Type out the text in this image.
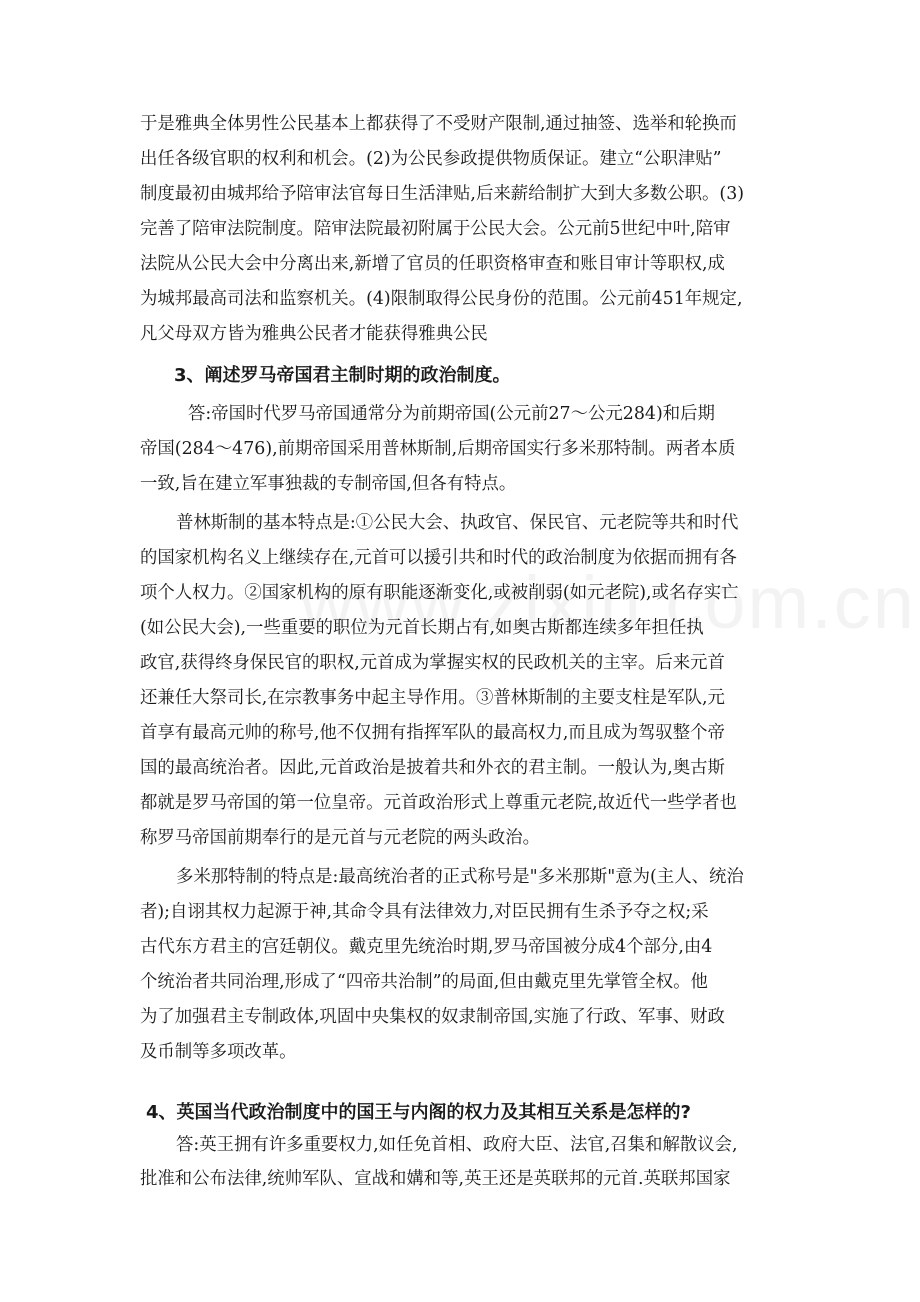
于是雅典全体男性公民基本上都获得了不受财产限制,通过抽签、选举和轮换而
出任各级官职的权利和机会。(2)为公民参政提供物质保证。建立“公职津贴”
制度最初由城邦给予陪审法官每日生活津贴,后来薪给制扩大到大多数公职。(3)
完善了陪审法院制度。陪审法院最初附属于公民大会。公元前5世纪中叶,陪审
法院从公民大会中分离出来,新增了官员的任职资格审查和账目审计等职权,成
为城邦最高司法和监察机关。(4)限制取得公民身份的范围。公元前451年规定,
凡父母双方皆为雅典公民者才能获得雅典公民
3、阐述罗马帝国君主制时期的政治制度。
答:帝国时代罗马帝国通常分为前期帝国(公元前27～公元284)和后期
帝国(284～476),前期帝国采用普林斯制,后期帝国实行多米那特制。两者本质
一致,旨在建立军事独裁的专制帝国,但各有特点。
普林斯制的基本特点是:①公民大会、执政官、保民官、元老院等共和时代
的国家机构名义上继续存在,元首可以援引共和时代的政治制度为依据而拥有各
项个人权力。②国家机构的原有职能逐渐变化,或被削弱(如元老院),或名存实亡
(如公民大会),一些重要的职位为元首长期占有,如奥古斯都连续多年担任执
政官,获得终身保民官的职权,元首成为掌握实权的民政机关的主宰。后来元首
还兼任大祭司长,在宗教事务中起主导作用。③普林斯制的主要支柱是军队,元
首享有最高元帅的称号,他不仅拥有指挥军队的最高权力,而且成为驾驭整个帝
国的最高统治者。因此,元首政治是披着共和外衣的君主制。一般认为,奥古斯
都就是罗马帝国的第一位皇帝。元首政治形式上尊重元老院,故近代一些学者也
称罗马帝国前期奉行的是元首与元老院的两头政治。
多米那特制的特点是:最高统治者的正式称号是"多米那斯"意为(主人、统治
者);自诩其权力起源于神,其命令具有法律效力,对臣民拥有生杀予夺之权;采
古代东方君主的宫廷朝仪。戴克里先统治时期,罗马帝国被分成4个部分,由4
个统治者共同治理,形成了“四帝共治制”的局面,但由戴克里先掌管全权。他
为了加强君主专制政体,巩固中央集权的奴隶制帝国,实施了行政、军事、财政
及币制等多项改革。
4、英国当代政治制度中的国王与内阁的权力及其相互关系是怎样的?
答:英王拥有许多重要权力,如任免首相、政府大臣、法官,召集和解散议会,
批准和公布法律,统帅军队、宣战和媾和等,英王还是英联邦的元首.英联邦国家
